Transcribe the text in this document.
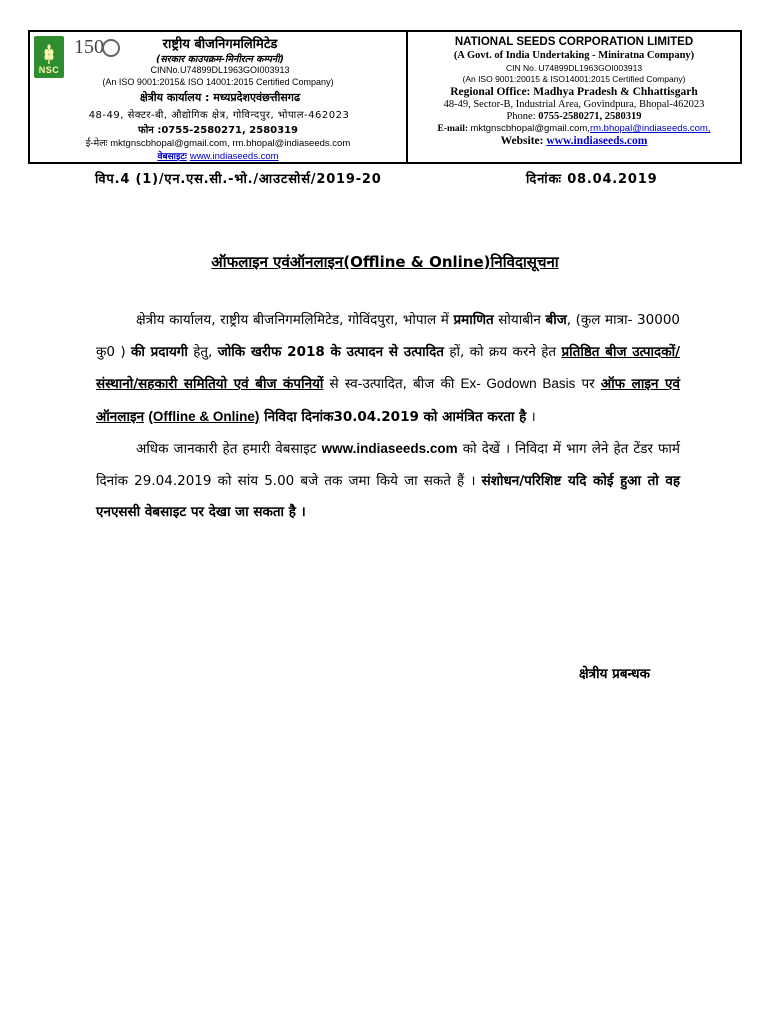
NSC
150	राष्ट्रीय बीजनिगमलिमिटेड
(सरकार काउपक्रम-मिनीरत्न कम्पनी)
CINNo.U74899DL1963GOI003913
(An ISO 9001:2015& ISO 14001:2015 Certified Company)
क्षेत्रीय कार्यालय : मध्यप्रदेशएवंछत्तीसगढ
48-49, सेक्टर-बी, औद्योगिक क्षेत्र, गोविन्दपुर, भोपाल-462023
फोन :0755-2580271, 2580319
ई-मेलः mktgnscbhopal@gmail.com, rm.bhopal@indiaseeds.com
वेबसाइटः www.indiaseeds.com
NATIONAL SEEDS CORPORATION LIMITED
(A Govt. of India Undertaking - Miniratna Company)
CIN No. U74899DL1963GOI003913
(An ISO 9001:20015 & ISO14001:2015 Certified Company)
Regional Office: Madhya Pradesh & Chhattisgarh
48-49, Sector-B, Industrial Area, Govindpura, Bhopal-462023
Phone: 0755-2580271, 2580319
E-mail: mktgnscbhopal@gmail.com,rm.bhopal@indiaseeds.com,
Website: www.indiaseeds.com
विप.4 (1)/एन.एस.सी.-भो./आउटसोर्स/2019-20	दिनांकः 08.04.2019
ऑफलाइन एवंऑनलाइन(Offline & Online)निविदासूचना

क्षेत्रीय कार्यालय, राष्ट्रीय बीजनिगमलिमिटेड, गोविंदपुरा, भोपाल में प्रमाणित सोयाबीन बीज, (कुल मात्रा- 30000 कु0 ) की प्रदायगी हेतु, जोकि खरीफ 2018 के उत्पादन से उत्पादित हों, को क्रय करने हेत प्रतिष्ठित बीज उत्पादकों/संस्थानो/सहकारी समितियो एवं बीज कंपनियों से स्व-उत्पादित, बीज की Ex- Godown Basis पर ऑफ लाइन एवं ऑनलाइन (Offline & Online) निविदा दिनांक30.04.2019 को आमंत्रित करता है ।

अधिक जानकारी हेत हमारी वेबसाइट www.indiaseeds.com को देखें । निविदा में भाग लेने हेत टेंडर फार्म दिनांक 29.04.2019 को सांय 5.00 बजे तक जमा किये जा सकते हैं । संशोधन/परिशिष्ट यदि कोई हुआ तो वह एनएससी वेबसाइट पर देखा जा सकता है ।

क्षेत्रीय प्रबन्धक
